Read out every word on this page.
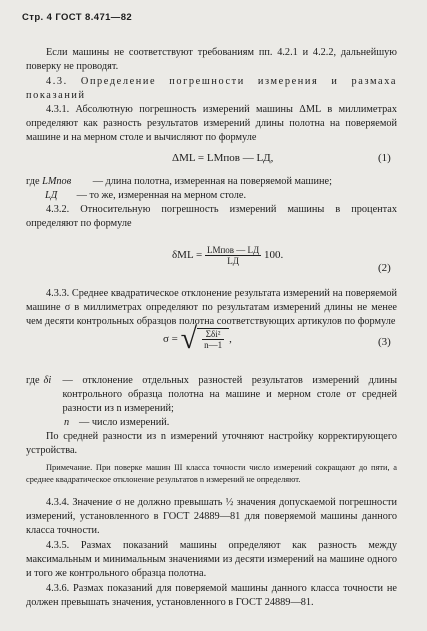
Стр. 4 ГОСТ 8.471—82

Если машины не соответствуют требованиям пп. 4.2.1 и 4.2.2, дальнейшую поверку не проводят.

4.3. Определение погрешности измерения и размаха показаний

4.3.1. Абсолютную погрешность измерений машины ΔML в миллиметрах определяют как разность результатов измерений длины полотна на поверяемой машине и на мерном столе и вычисляют по формуле

ΔML = LMпов — LД,	(1)
где LMпов — длина полотна, измеренная на поверяемой машине;
LД — то же, измеренная на мерном столе.

4.3.2. Относительную погрешность измерений машины в процентах определяют по формуле

$\delta ML = \frac{\text{LMпов — LД}}{LД} 100$.
(2)

4.3.3. Среднее квадратическое отклонение результата измерений на поверяемой машине σ в миллиметрах определяют по результатам измерений длины не менее чем десяти контрольных образцов полотна соответствующих артикулов по формуле

σ = √ $\frac{\text{Σδi²}}{n—1}$ ,	(3)
где δi	— отклонение отдельных разностей результатов измерений длины контрольного образца полотна на машине и мерном столе от средней разности из n измерений;
n — число измерений.

По средней разности из n измерений уточняют настройку корректирующего устройства.

Примечание. При поверке машин III класса точности число измерений сокращают до пяти, а среднее квадратическое отклонение результатов n измерений не определяют.

4.3.4. Значение σ не должно превышать ½ значения допускаемой погрешности измерений, установленного в ГОСТ 24889—81 для поверяемой машины данного класса точности.

4.3.5. Размах показаний машины определяют как разность между максимальным и минимальным значениями из десяти измерений на машине одного и того же контрольного образца полотна.

4.3.6. Размах показаний для поверяемой машины данного класса точности не должен превышать значения, установленного в ГОСТ 24889—81.
